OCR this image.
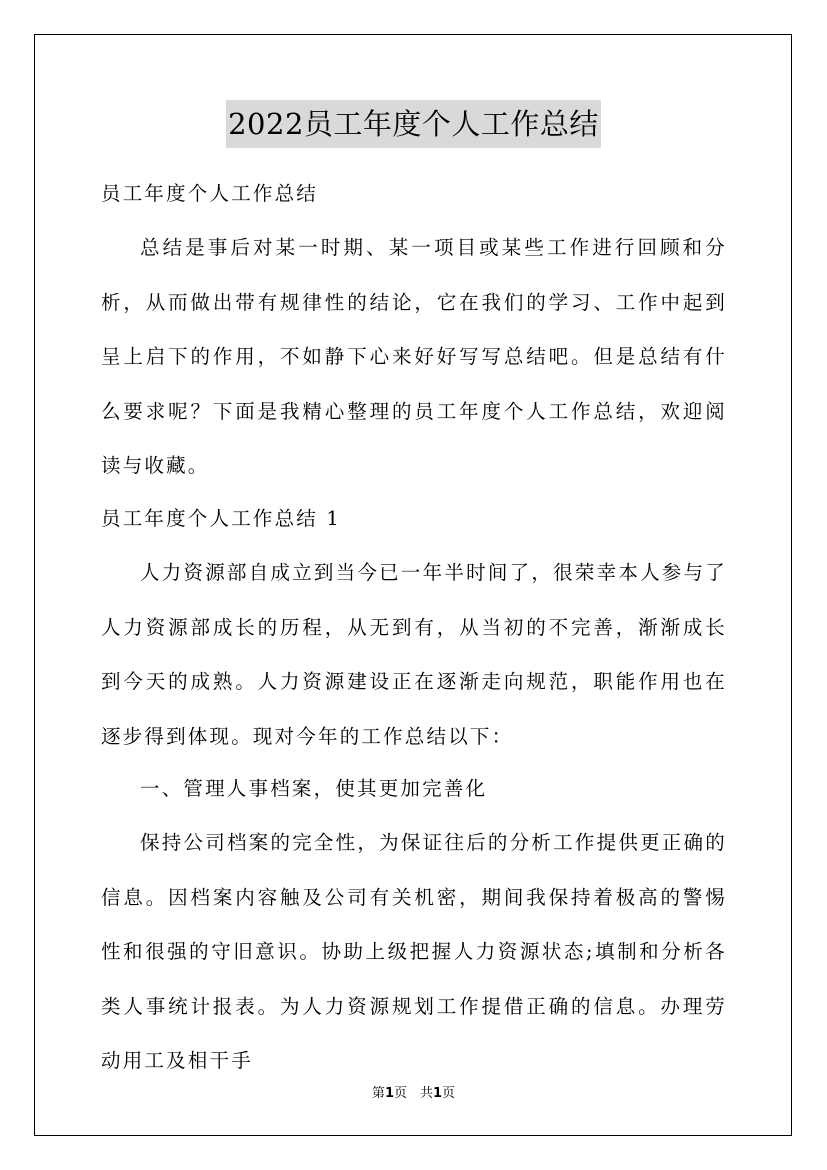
2022员工年度个人工作总结

员工年度个人工作总结

总结是事后对某一时期、某一项目或某些工作进行回顾和分析，从而做出带有规律性的结论，它在我们的学习、工作中起到呈上启下的作用，不如静下心来好好写写总结吧。但是总结有什么要求呢？下面是我精心整理的员工年度个人工作总结，欢迎阅读与收藏。

员工年度个人工作总结 1

人力资源部自成立到当今已一年半时间了，很荣幸本人参与了人力资源部成长的历程，从无到有，从当初的不完善，渐渐成长到今天的成熟。人力资源建设正在逐渐走向规范，职能作用也在逐步得到体现。现对今年的工作总结以下：

一、管理人事档案，使其更加完善化

保持公司档案的完全性，为保证往后的分析工作提供更正确的信息。因档案内容触及公司有关机密，期间我保持着极高的警惕性和很强的守旧意识。协助上级把握人力资源状态;填制和分析各类人事统计报表。为人力资源规划工作提借正确的信息。办理劳动用工及相干手

第1页　共1页
